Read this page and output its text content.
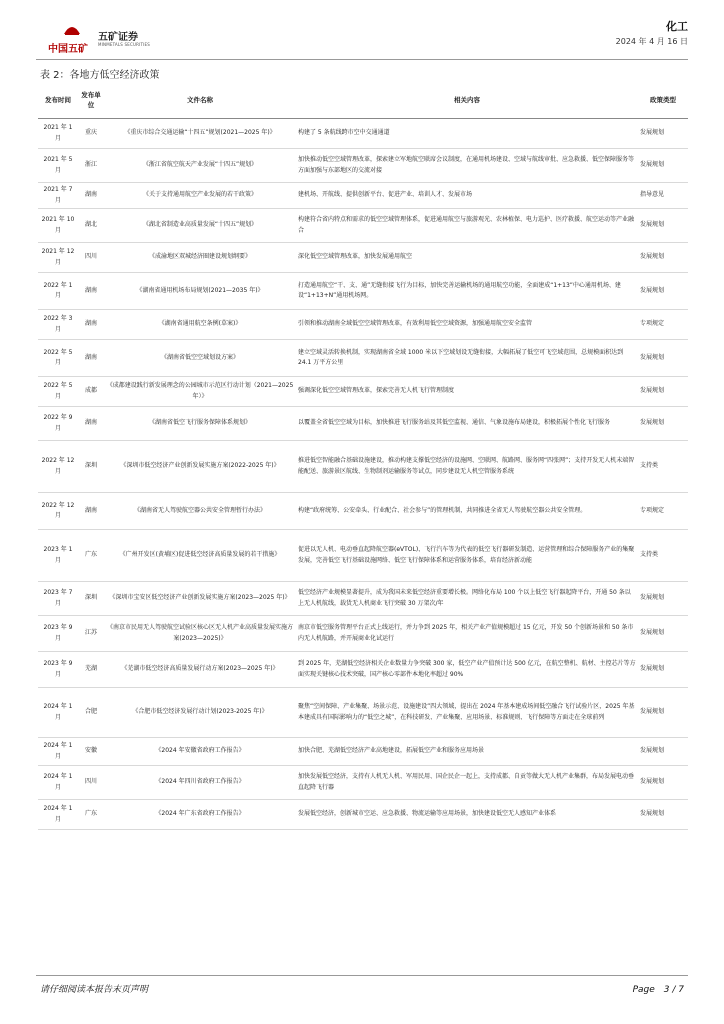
中国五矿
五矿证券
MINMETALS SECURITIES
化工
2024 年 4 月 16 日
表 2：各地方低空经济政策
发布时间	发布单位	文件名称	相关内容	政策类型
2021 年 1 月	重庆	《重庆市综合交通运输“十四五”规划(2021—2025 年)》	构建了 5 条航线跨市空中交通通道	发展规划
2021 年 5 月	浙江	《浙江省航空航天产业发展“十四五”规划》	加快推动低空空域管理改革，探索建立军地航空联席会议制度，在通用机场建设、空域与航线审批、应急救援、低空保障服务等方面加强与东部地区的交流对接	发展规划
2021 年 7 月	湖南	《关于支持通用航空产业发展的若干政策》	建机场、开航线、提供创新平台、促进产业、培训人才、发展市场	指导意见
2021 年 10 月	湖北	《湖北省制造业高质量发展“十四五”规划》	构建符合省内特点和需求的低空空域管理体系，促进通用航空与旅游观光、农林植保、电力巡护、医疗救援、航空运动等产业融合	发展规划
2021 年 12 月	四川	《成渝地区双城经济圈建设规划纲要》	深化低空空域管理改革，加快发展通用航空	发展规划
2022 年 1 月	湖南	《湖南省通用机场布局规划(2021—2035 年)》	打造通用航空“干、支、通”无缝衔接飞行为目标，加快完善运输机场的通用航空功能，全面建成“1+13”中心通用机场、建设“1+13+N”通用机场网。	发展规划
2022 年 3 月	湖南	《湖南省通用航空条例(草案)》	引领和推动湖南全域低空空域管理改革，有效利用低空空域资源，加强通用航空安全监管	专项规定
2022 年 5 月	湖南	《湖南省低空空域划设方案》	建立空域灵活转换机制，实现湖南省全域 1000 米以下空域划设无缝衔接，大幅拓展了低空可飞空域范围，总规模面积达到 24.1 万平方公里	发展规划
2022 年 5 月	成都	《成都建设践行新发展理念的公园城市示范区行动计划（2021—2025 年）》	强调深化低空空域管理改革，探索完善无人机飞行管理制度	发展规划
2022 年 9 月	湖南	《湖南省低空飞行服务保障体系规划》	以覆盖全省低空空域为目标，加快推进飞行服务站及其低空监视、通信、气象设施布局建设，积极拓展个性化飞行服务	发展规划
2022 年 12 月	深圳	《深圳市低空经济产业创新发展实施方案(2022-2025 年)》	推进低空智能融合基础设施建设，推动构建支撑低空经济的设施网、空联网、航路网、服务网“四张网”；支持开发无人机末端智能配送、旅游景区航线、生物制剂运输服务等试点，同步建设无人机空管服务系统	支持类
2022 年 12 月	湖南	《湖南省无人驾驶航空器公共安全管理暂行办法》	构建“政府统筹、公安牵头、行业配合、社会参与”的管理机制，共同推进全省无人驾驶航空器公共安全管理。	专项规定
2023 年 1 月	广东	《广州开发区(黄埔区)促进低空经济高质量发展的若干措施》	促进以无人机、电动垂直起降航空器(eVTOL)、飞行汽车等为代表的低空飞行器研发制造、运营管理和综合保障服务产业的集聚发展，完善低空飞行基础设施网络、低空飞行保障体系和运营服务体系，培育经济新动能	支持类
2023 年 7 月	深圳	《深圳市宝安区低空经济产业创新发展实施方案(2023—2025 年)》	低空经济产业规模显著提升，成为我国未来低空经济重要增长极。网络化布局 100 个以上低空飞行器起降平台，开通 50 条以上无人机航线，载货无人机商业飞行突破 30 万架次/年	发展规划
2023 年 9 月	江苏	《南京市民用无人驾驶航空试验区核心区无人机产业高质量发展实施方案(2023—2025)》	南京市低空服务管理平台正式上线运行，并力争到 2025 年，相关产业产值规模超过 15 亿元，开发 50 个创新场景和 50 条市内无人机航路，并开展商业化试运行	发展规划
2023 年 9 月	芜湖	《芜湖市低空经济高质量发展行动方案(2023—2025 年)》	到 2025 年，芜湖低空经济相关企业数量力争突破 300 家，低空产业产值预计达 500 亿元，在航空整机、航材、主控芯片等方面实现关键核心技术突破，国产核心零部件本地化率超过 90%	发展规划
2024 年 1 月	合肥	《合肥市低空经济发展行动计划(2023-2025 年)》	聚焦“空间保障、产业集聚、场景示范、设施建设”四大领域，提出在 2024 年基本建成场间低空融合飞行试验片区，2025 年基本建成具有国际影响力的“低空之城”，在科技研发、产业集聚、应用场景、标准规则、飞行保障等方面走在全球前列	发展规划
2024 年 1 月	安徽	《2024 年安徽省政府工作报告》	加快合肥、芜湖低空经济产业高地建设，拓展低空产业和服务应用场景	发展规划
2024 年 1 月	四川	《2024 年四川省政府工作报告》	加快发展低空经济，支持有人机无人机、军用民用、国企民企一起上，支持成都、自贡等做大无人机产业集群，布局发展电动垂直起降飞行器	发展规划
2024 年 1 月	广东	《2024 年广东省政府工作报告》	发展低空经济，创新城市空运、应急救援、物流运输等应用场景，加快建设低空无人感知产业体系	发展规划
请仔细阅读本报告末页声明	Page　3 / 7
